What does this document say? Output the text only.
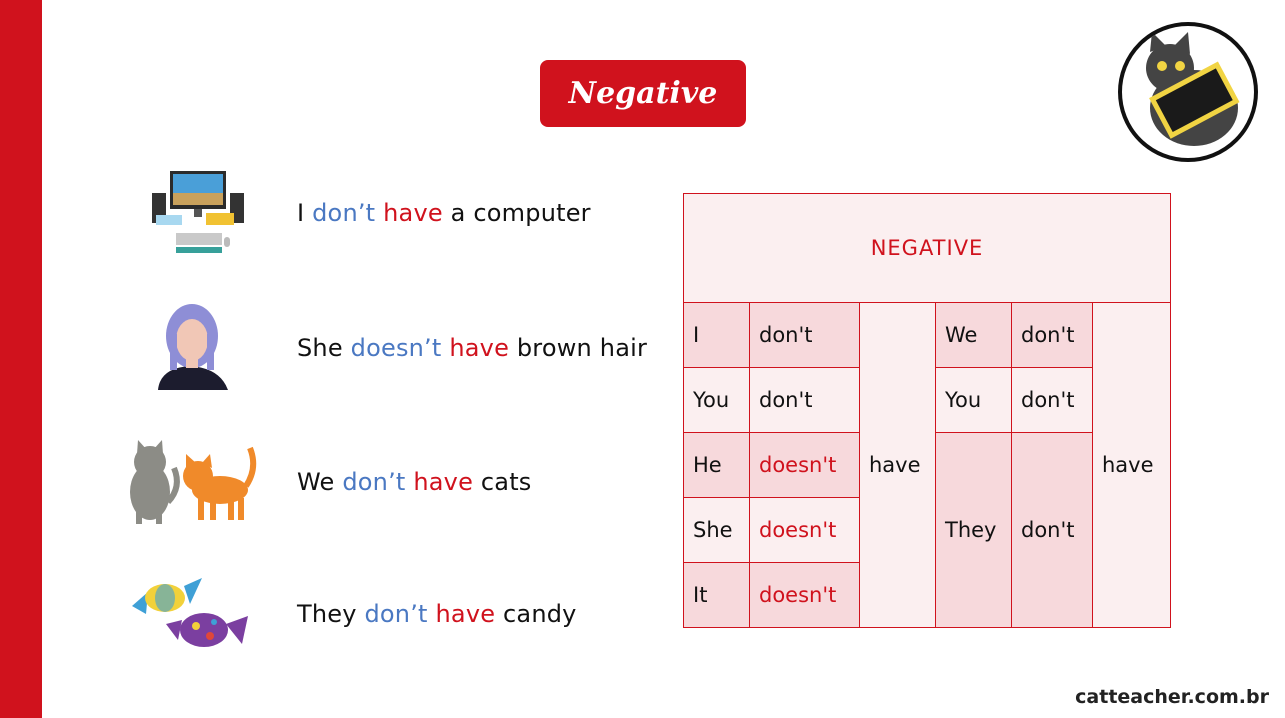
Negative
I don’t have a computer
She doesn’t have brown hair
We don’t have cats
They don’t have candy
NEGATIVE					
I	don't	have	We	don't	have
You	don't		You	don't	
He	doesn't		They	don't	
She	doesn't				
It	doesn't				
catteacher.com.br
